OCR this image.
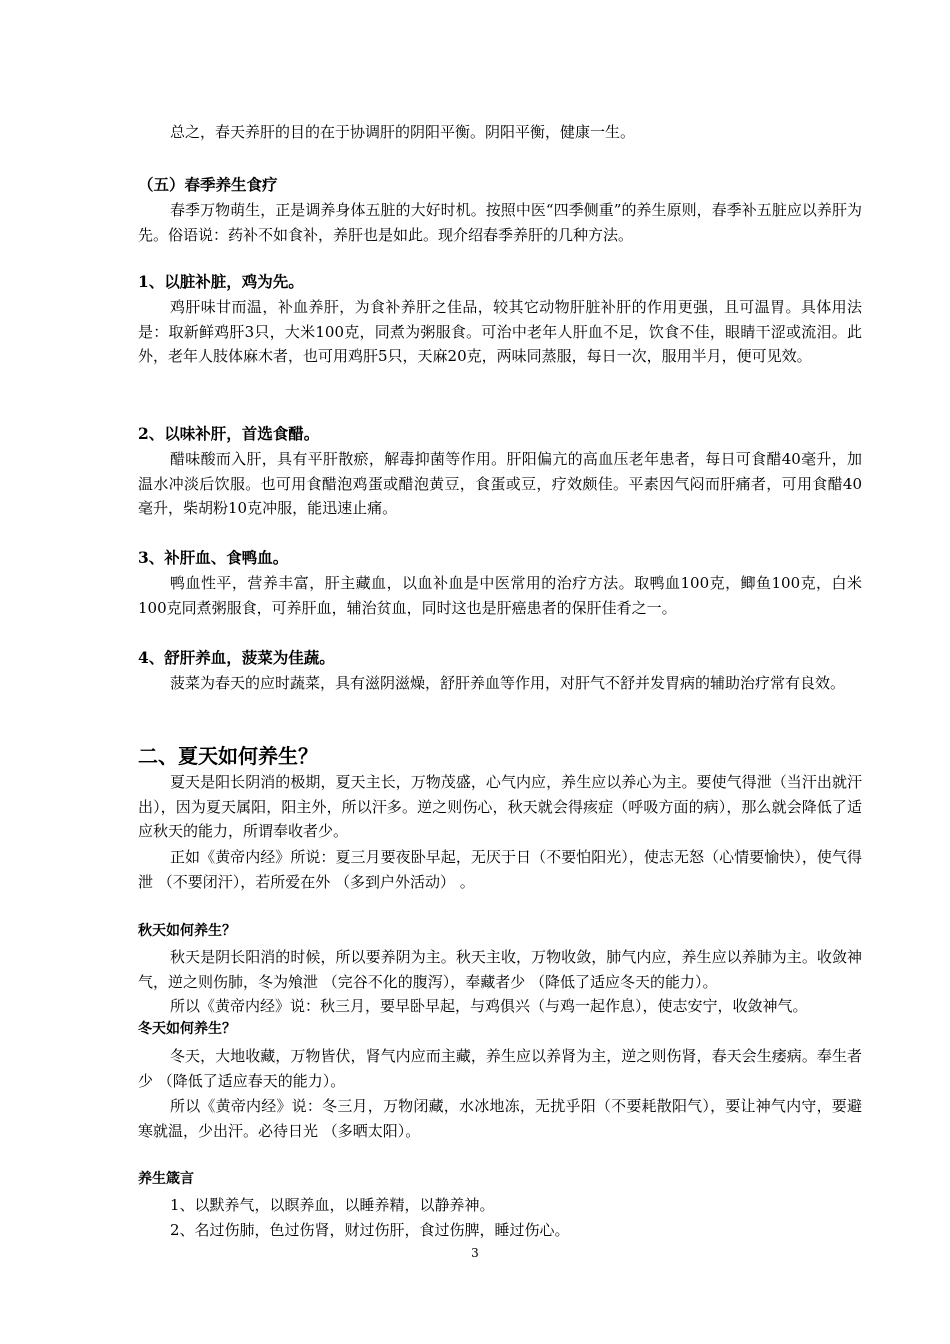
总之，春天养肝的目的在于协调肝的阴阳平衡。阴阳平衡，健康一生。

（五）春季养生食疗

春季万物萌生，正是调养身体五脏的大好时机。按照中医“四季侧重”的养生原则，春季补五脏应以养肝为先。俗语说：药补不如食补，养肝也是如此。现介绍春季养肝的几种方法。

1、以脏补脏，鸡为先。

鸡肝味甘而温，补血养肝，为食补养肝之佳品，较其它动物肝脏补肝的作用更强，且可温胃。具体用法是：取新鲜鸡肝3只，大米100克，同煮为粥服食。可治中老年人肝血不足，饮食不佳，眼睛干涩或流泪。此外，老年人肢体麻木者，也可用鸡肝5只，天麻20克，两味同蒸服，每日一次，服用半月，便可见效。

2、以味补肝，首选食醋。

醋味酸而入肝，具有平肝散瘀，解毒抑菌等作用。肝阳偏亢的高血压老年患者，每日可食醋40毫升，加温水冲淡后饮服。也可用食醋泡鸡蛋或醋泡黄豆，食蛋或豆，疗效颇佳。平素因气闷而肝痛者，可用食醋40毫升，柴胡粉10克冲服，能迅速止痛。

3、补肝血、食鸭血。

鸭血性平，营养丰富，肝主藏血，以血补血是中医常用的治疗方法。取鸭血100克，鲫鱼100克，白米100克同煮粥服食，可养肝血，辅治贫血，同时这也是肝癌患者的保肝佳肴之一。

4、舒肝养血，菠菜为佳蔬。

菠菜为春天的应时蔬菜，具有滋阴滋燥，舒肝养血等作用，对肝气不舒并发胃病的辅助治疗常有良效。

二、夏天如何养生？

夏天是阳长阴消的极期，夏天主长，万物茂盛，心气内应，养生应以养心为主。要使气得泄（当汗出就汗出），因为夏天属阳，阳主外，所以汗多。逆之则伤心，秋天就会得痎症（呼吸方面的病），那么就会降低了适应秋天的能力，所谓奉收者少。

正如《黄帝内经》所说：夏三月要夜卧早起，无厌于日（不要怕阳光），使志无怒（心情要愉快），使气得泄 （不要闭汗），若所爱在外 （多到户外活动） 。

秋天如何养生？

秋天是阴长阳消的时候，所以要养阴为主。秋天主收，万物收敛，肺气内应，养生应以养肺为主。收敛神气，逆之则伤肺，冬为飧泄 （完谷不化的腹泻），奉藏者少 （降低了适应冬天的能力）。

所以《黄帝内经》说：秋三月，要早卧早起，与鸡俱兴（与鸡一起作息），使志安宁，收敛神气。

冬天如何养生？

冬天，大地收藏，万物皆伏，肾气内应而主藏，养生应以养肾为主，逆之则伤肾，春天会生痿病。奉生者少 （降低了适应春天的能力）。

所以《黄帝内经》说：冬三月，万物闭藏，水冰地冻，无扰乎阳（不要耗散阳气），要让神气内守，要避寒就温，少出汗。必待日光 （多晒太阳）。

养生箴言

1、以默养气，以瞑养血，以睡养精，以静养神。

2、名过伤肺，色过伤肾，财过伤肝，食过伤脾，睡过伤心。

3
